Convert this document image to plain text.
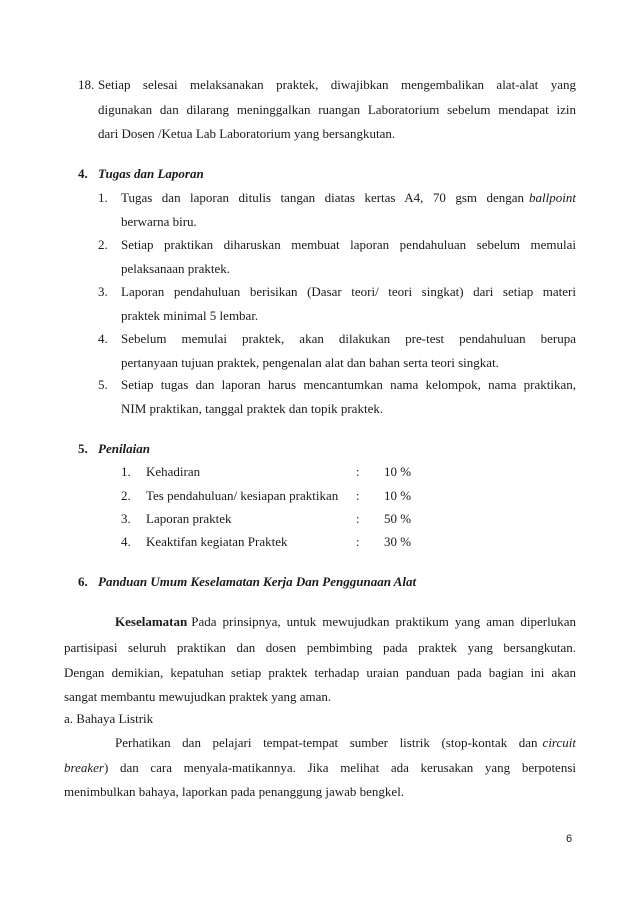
18. Setiap selesai melaksanakan praktek, diwajibkan mengembalikan alat-alat yang
digunakan dan dilarang meninggalkan ruangan Laboratorium sebelum mendapat izin
dari Dosen /Ketua Lab Laboratorium yang bersangkutan.
4. Tugas dan Laporan
1. Tugas dan laporan ditulis tangan diatas kertas A4, 70 gsm dengan ballpoint
berwarna biru.
2. Setiap praktikan diharuskan membuat laporan pendahuluan sebelum memulai
pelaksanaan praktek.
3. Laporan pendahuluan berisikan (Dasar teori/ teori singkat) dari setiap materi
praktek minimal 5 lembar.
4. Sebelum memulai praktek, akan dilakukan pre-test pendahuluan berupa
pertanyaan tujuan praktek, pengenalan alat dan bahan serta teori singkat.
5. Setiap tugas dan laporan harus mencantumkan nama kelompok, nama praktikan,
NIM praktikan, tanggal praktek dan topik praktek.
5. Penilaian
1. Kehadiran	: 10 %
2. Tes pendahuluan/ kesiapan praktikan : 10 %
3. Laporan praktek	: 50 %
4. Keaktifan kegiatan Praktek	: 30 %
6. Panduan Umum Keselamatan Kerja Dan Penggunaan Alat
Keselamatan Pada prinsipnya, untuk mewujudkan praktikum yang aman diperlukan
partisipasi seluruh praktikan dan dosen pembimbing pada praktek yang bersangkutan.
Dengan demikian, kepatuhan setiap praktek terhadap uraian panduan pada bagian ini akan
sangat membantu mewujudkan praktek yang aman.
a. Bahaya Listrik
Perhatikan dan pelajari tempat-tempat sumber listrik (stop-kontak dan circuit
breaker ) dan cara menyala-matikannya. Jika melihat ada kerusakan yang berpotensi
menimbulkan bahaya, laporkan pada penanggung jawab bengkel.
6
